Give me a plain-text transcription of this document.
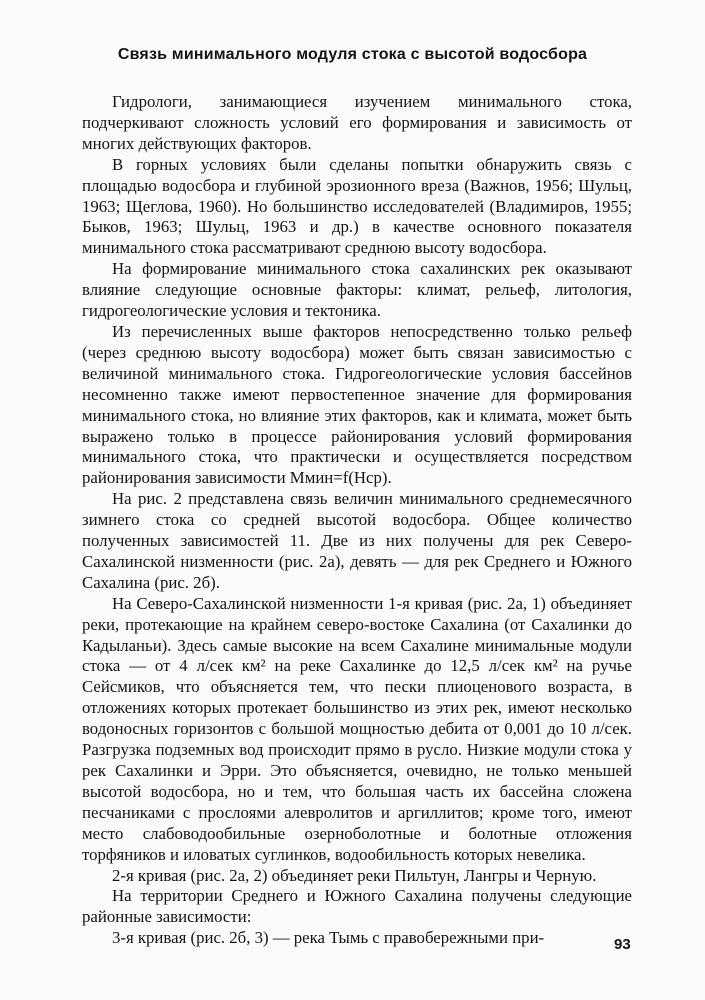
Связь минимального модуля стока с высотой водосбора

Гидрологи, занимающиеся изучением минимального стока, подчеркивают сложность условий его формирования и зависимость от многих действующих факторов.

В горных условиях были сделаны попытки обнаружить связь с площадью водосбора и глубиной эрозионного вреза (Важнов, 1956; Шульц, 1963; Щеглова, 1960). Но большинство исследователей (Владимиров, 1955; Быков, 1963; Шульц, 1963 и др.) в качестве основного показателя минимального стока рассматривают среднюю высоту водосбора.

На формирование минимального стока сахалинских рек оказывают влияние следующие основные факторы: климат, рельеф, литология, гидрогеологические условия и тектоника.

Из перечисленных выше факторов непосредственно только рельеф (через среднюю высоту водосбора) может быть связан зависимостью с величиной минимального стока. Гидрогеологические условия бассейнов несомненно также имеют первостепенное значение для формирования минимального стока, но влияние этих факторов, как и климата, может быть выражено только в процессе районирования условий формирования минимального стока, что практически и осуществляется посредством районирования зависимости Mмин=f(Hср).

На рис. 2 представлена связь величин минимального среднемесячного зимнего стока со средней высотой водосбора. Общее количество полученных зависимостей 11. Две из них получены для рек Северо-Сахалинской низменности (рис. 2а), девять — для рек Среднего и Южного Сахалина (рис. 2б).

На Северо-Сахалинской низменности 1-я кривая (рис. 2а, 1) объединяет реки, протекающие на крайнем северо-востоке Сахалина (от Сахалинки до Кадыланьи). Здесь самые высокие на всем Сахалине минимальные модули стока — от 4 л/сек км² на реке Сахалинке до 12,5 л/сек км² на ручье Сейсмиков, что объясняется тем, что пески плиоценового возраста, в отложениях которых протекает большинство из этих рек, имеют несколько водоносных горизонтов с большой мощностью дебита от 0,001 до 10 л/сек. Разгрузка подземных вод происходит прямо в русло. Низкие модули стока у рек Сахалинки и Эрри. Это объясняется, очевидно, не только меньшей высотой водосбора, но и тем, что большая часть их бассейна сложена песчаниками с прослоями алевролитов и аргиллитов; кроме того, имеют место слабоводообильные озерноболотные и болотные отложения торфяников и иловатых суглинков, водообильность которых невелика.

2-я кривая (рис. 2а, 2) объединяет реки Пильтун, Лангры и Черную.

На территории Среднего и Южного Сахалина получены следующие районные зависимости:

3-я кривая (рис. 2б, 3) — река Тымь с правобережными при-	93
